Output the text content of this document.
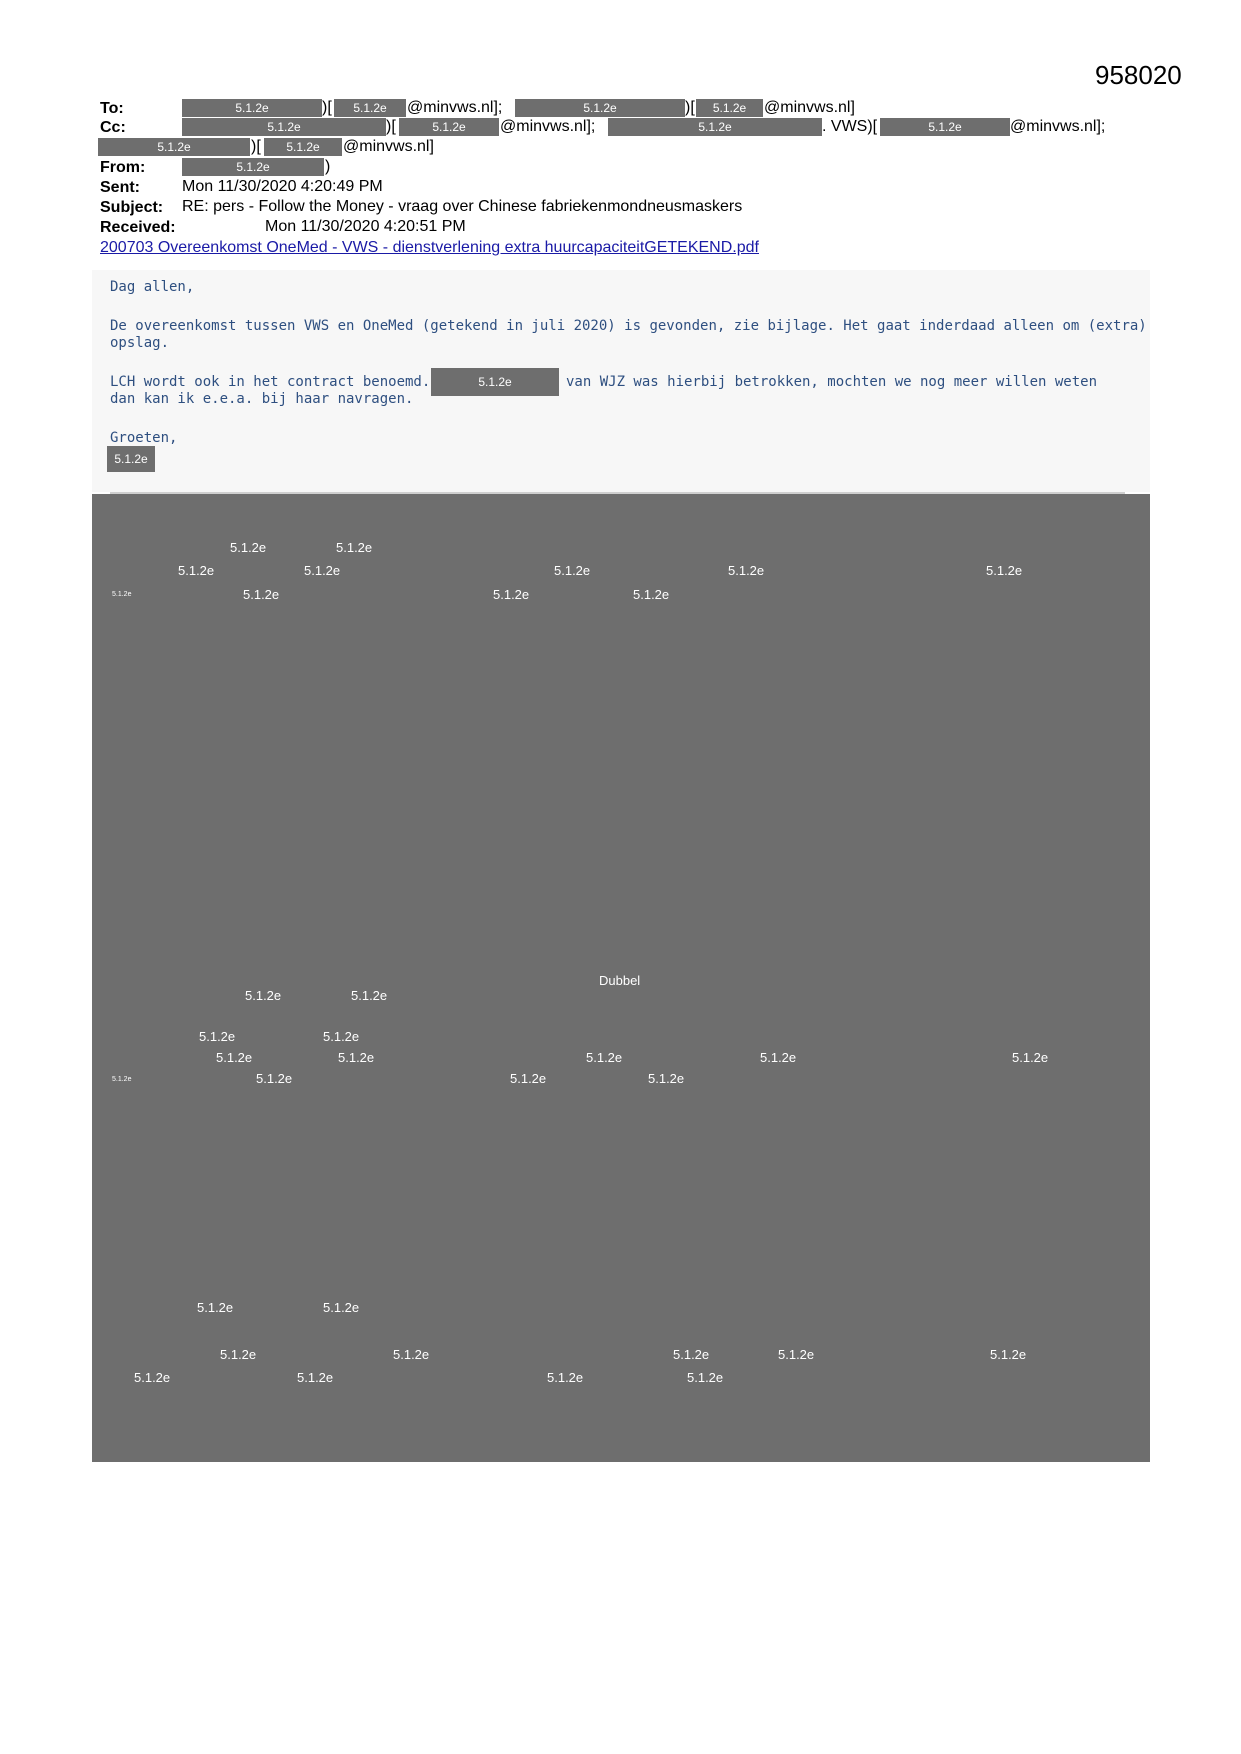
958020
To:	5.1.2e	)[	5.1.2e	@minvws.nl];	5.1.2e	)[	5.1.2e	@minvws.nl]
Cc:	5.1.2e	)[	5.1.2e	@minvws.nl];	5.1.2e	. VWS)[	5.1.2e	@minvws.nl];
5.1.2e	)[	5.1.2e	@minvws.nl]
From:	5.1.2e	)
Sent:	Mon 11/30/2020 4:20:49 PM
Subject: RE: pers - Follow the Money - vraag over Chinese fabriekenmondneusmaskers
Received:	Mon 11/30/2020 4:20:51 PM
200703 Overeenkomst OneMed - VWS - dienstverlening extra huurcapaciteitGETEKEND.pdf
Dag allen,
De overeenkomst tussen VWS en OneMed (getekend in juli 2020) is gevonden, zie bijlage. Het gaat inderdaad alleen om (extra)
opslag.
LCH wordt ook in het contract benoemd.	5.1.2e	van WJZ was hierbij betrokken, mochten we nog meer willen weten
dan kan ik e.e.a. bij haar navragen.
Groeten,
5.1.2e
5.1.2e	5.1.2e
5.1.2e	5.1.2e	5.1.2e	5.1.2e	5.1.2e
5.1.2e	5.1.2e	5.1.2e	5.1.2e
Dubbel
5.1.2e	5.1.2e
5.1.2e	5.1.2e
5.1.2e	5.1.2e	5.1.2e	5.1.2e	5.1.2e
5.1.2e	5.1.2e	5.1.2e	5.1.2e
5.1.2e	5.1.2e
5.1.2e	5.1.2e	5.1.2e	5.1.2e	5.1.2e
5.1.2e	5.1.2e	5.1.2e	5.1.2e
